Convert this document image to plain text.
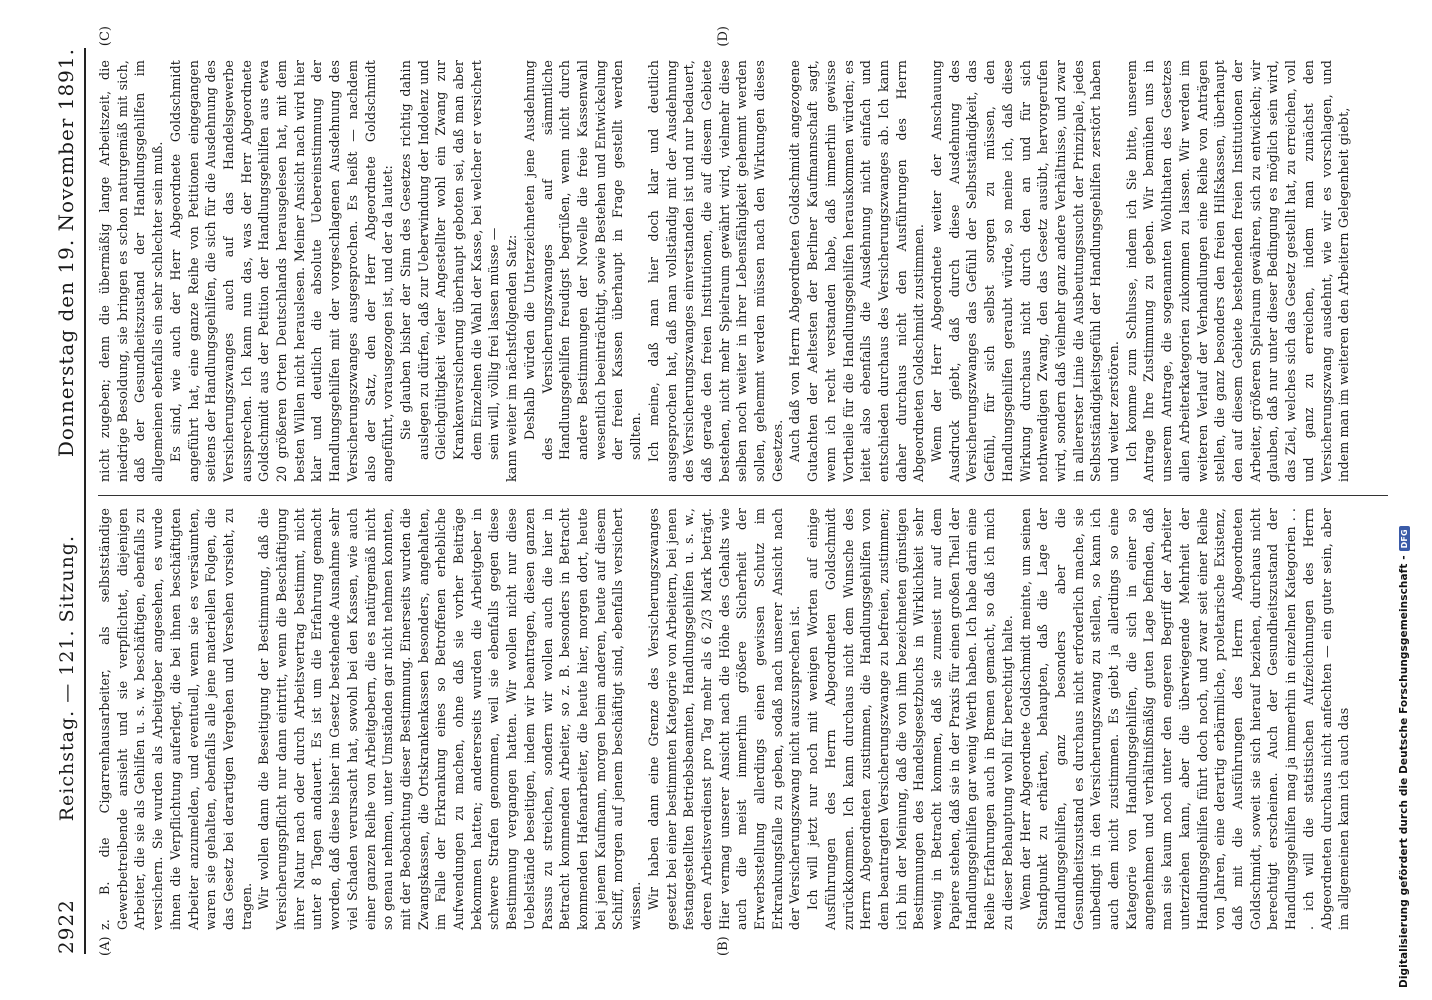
2922
Reichstag. — 121. Sitzung.
Donnerstag den 19. November 1891.
(A)	(B)

z. B. die Cigarrenhausarbeiter, als selbstständige Gewerbetreibende ansieht und sie verpflichtet, diejenigen Arbeiter, die sie als Gehilfen u. s. w. beschäftigen, ebenfalls zu versichern. Sie wurden als Arbeitgeber angesehen, es wurde ihnen die Verpflichtung auferlegt, die bei ihnen beschäftigten Arbeiter anzumelden, und eventuell, wenn sie es versäumten, waren sie gehalten, ebenfalls alle jene materiellen Folgen, die das Gesetz bei derartigen Vergehen und Versehen vorsieht, zu tragen. Wir wollen dann die Beseitigung der Bestimmung, daß die Versicherungspflicht nur dann eintritt, wenn die Beschäftigung ihrer Natur nach oder durch Arbeitsvertrag bestimmt, nicht unter 8 Tagen andauert. Es ist um die Erfahrung gemacht worden, daß diese bisher im Gesetz bestehende Ausnahme sehr viel Schaden verursacht hat, sowohl bei den Kassen, wie auch einer ganzen Reihe von Arbeitgebern, die es natürgemäß nicht so genau nehmen, unter Umständen gar nicht nehmen konnten, mit der Beobachtung dieser Bestimmung. Einerseits wurden die Zwangskassen, die Ortskrankenkassen besonders, angehalten, im Falle der Erkrankung eines so Betroffenen erhebliche Aufwendungen zu machen, ohne daß sie vorher Beiträge bekommen hatten; andererseits wurden die Arbeitgeber in schwere Strafen genommen, weil sie ebenfalls gegen diese Bestimmung vergangen hatten. Wir wollen nicht nur diese Uebelstände beseitigen, indem wir beantragen, diesen ganzen Passus zu streichen, sondern wir wollen auch die hier in Betracht kommenden Arbeiter, so z. B. besonders in Betracht kommenden Hafenarbeiter, die heute hier, morgen dort, heute bei jenem Kaufmann, morgen beim anderen, heute auf diesem Schiff, morgen auf jenem beschäftigt sind, ebenfalls versichert wissen. Wir haben dann eine Grenze des Versicherungszwanges gesetzt bei einer bestimmten Kategorie von Arbeitern, bei jenen festangestellten Betriebsbeamten, Handlungsgehilfen u. s. w., deren Arbeitsverdienst pro Tag mehr als 6 2/3 Mark beträgt. Hier vermag unserer Ansicht nach die Höhe des Gehalts wie auch die meist immerhin größere Sicherheit der Erwerbsstellung allerdings einen gewissen Schutz im Erkrankungsfalle zu geben, sodaß nach unserer Ansicht nach der Versicherungszwang nicht auszusprechen ist. Ich will jetzt nur noch mit wenigen Worten auf einige Ausführungen des Herrn Abgeordneten Goldschmidt zurückkommen. Ich kann durchaus nicht dem Wunsche des Herrn Abgeordneten zustimmen, die Handlungsgehilfen von dem beantragten Versicherungszwange zu befreien, zustimmen; ich bin der Meinung, daß die von ihm bezeichneten günstigen Bestimmungen des Handelsgesetzbuchs in Wirklichkeit sehr wenig in Betracht kommen, daß sie zumeist nur auf dem Papiere stehen, daß sie in der Praxis für einen großen Theil der Handlungsgehilfen gar wenig Werth haben. Ich habe darin eine Reihe Erfahrungen auch in Bremen gemacht, so daß ich mich zu dieser Behauptung wohl für berechtigt halte. Wenn der Herr Abgeordnete Goldschmidt meinte, um seinen Standpunkt zu erhärten, behaupten, daß die Lage der Handlungsgehilfen, ganz besonders aber die Gesundheitszustand es durchaus nicht erforderlich mache, sie unbedingt in den Versicherungszwang zu stellen, so kann ich auch dem nicht zustimmen. Es giebt ja allerdings so eine Kategorie von Handlungsgehilfen, die sich in einer so angenehmen und verhältnißmäßig guten Lage befinden, daß man sie kaum noch unter den engeren Begriff der Arbeiter unterziehen kann, aber die überwiegende Mehrheit der Handlungsgehilfen führt doch noch, und zwar seit einer Reihe von Jahren, eine derartig erbärmliche, proletarische Existenz, daß mit die Ausführungen des Herrn Abgeordneten Goldschmidt, soweit sie sich hierauf beziehen, durchaus nicht berechtigt erscheinen. Auch der Gesundheitszustand der Handlungsgehilfen mag ja immerhin in einzelnen Kategorien . . . ich will die statistischen Aufzeichnungen des Herrn Abgeordneten durchaus nicht anfechten — ein guter sein, aber im allgemeinen kann ich auch das

(C)	(D)

nicht zugeben; denn die übermäßig lange Arbeitszeit, die niedrige Besoldung, sie bringen es schon naturgemäß mit sich, daß der Gesundheitszustand der Handlungsgehilfen im allgemeinen ebenfalls ein sehr schlechter sein muß. Es sind, wie auch der Herr Abgeordnete Goldschmidt angeführt hat, eine ganze Reihe von Petitionen eingegangen seitens der Handlungsgehilfen, die sich für die Ausdehnung des Versicherungszwanges auch auf das Handelsgewerbe aussprechen. Ich kann nun das, was der Herr Abgeordnete Goldschmidt aus der Petition der Handlungsgehilfen aus etwa 20 größeren Orten Deutschlands herausgelesen hat, mit dem besten Willen nicht herauslesen. Meiner Ansicht nach wird hier klar und deutlich die absolute Uebereinstimmung der Handlungsgehilfen mit der vorgeschlagenen Ausdehnung des Versicherungszwanges ausgesprochen. Es heißt — nachdem also der Satz, den der Herr Abgeordnete Goldschmidt angeführt, vorausgezogen ist, und der da lautet: Sie glauben bisher der Sinn des Gesetzes richtig dahin auslegen zu dürfen, daß zur Ueberwindung der Indolenz und Gleichgültigkeit vieler Angestellter wohl ein Zwang zur Krankenversicherung überhaupt geboten sei, daß man aber dem Einzelnen die Wahl der Kasse, bei welcher er versichert sein will, völlig frei lassen müsse — kann weiter im nächstfolgenden Satz: Deshalb würden die Unterzeichneten jene Ausdehnung des Versicherungszwanges auf sämmtliche Handlungsgehilfen freudigst begrüßen, wenn nicht durch andere Bestimmungen der Novelle die freie Kassenwahl wesentlich beeinträchtigt, sowie Bestehen und Entwickelung der freien Kassen überhaupt in Frage gestellt werden sollten. Ich meine, daß man hier doch klar und deutlich ausgesprochen hat, daß man vollständig mit der Ausdehnung des Versicherungszwanges einverstanden ist und nur bedauert, daß gerade den freien Institutionen, die auf diesem Gebiete bestehen, nicht mehr Spielraum gewährt wird, vielmehr diese selben noch weiter in ihrer Lebensfähigkeit gehemmt werden sollen, gehemmt werden müssen nach den Wirkungen dieses Gesetzes. Auch daß von Herrn Abgeordneten Goldschmidt angezogene Gutachten der Aeltesten der Berliner Kaufmannschaft sagt, wenn ich recht verstanden habe, daß immerhin gewisse Vortheile für die Handlungsgehilfen herauskommen würden; es leitet also ebenfalls die Ausdehnung nicht einfach und entschieden durchaus des Versicherungszwanges ab. Ich kann daher durchaus nicht den Ausführungen des Herrn Abgeordneten Goldschmidt zustimmen. Wenn der Herr Abgeordnete weiter der Anschauung Ausdruck giebt, daß durch diese Ausdehnung des Versicherungszwanges das Gefühl der Selbstständigkeit, das Gefühl, für sich selbst sorgen zu müssen, den Handlungsgehilfen geraubt würde, so meine ich, daß diese Wirkung durchaus nicht durch den an und für sich nothwendigen Zwang, den das Gesetz ausübt, hervorgerufen wird, sondern daß vielmehr ganz andere Verhältnisse, und zwar in allererster Linie die Ausbeutungssucht der Prinzipale, jedes Selbstständigkeitsgefühl der Handlungsgehilfen zerstört haben und weiter zerstören. Ich komme zum Schlusse, indem ich Sie bitte, unserem Antrage Ihre Zustimmung zu geben. Wir bemühen uns in unserem Antrage, die sogenannten Wohlthaten des Gesetzes allen Arbeiterkategorien zukommen zu lassen. Wir werden im weiteren Verlauf der Verhandlungen eine Reihe von Anträgen stellen, die ganz besonders den freien Hilfskassen, überhaupt den auf diesem Gebiete bestehenden freien Institutionen der Arbeiter, größeren Spielraum gewähren, sich zu entwickeln; wir glauben, daß nur unter dieser Bedingung es möglich sein wird, das Ziel, welches sich das Gesetz gestellt hat, zu erreichen, voll und ganz zu erreichen, indem man zunächst den Versicherungszwang ausdehnt, wie wir es vorschlagen, und indem man im weiteren den Arbeitern Gelegenheit giebt,

Digitalisierung gefördert durch die Deutsche Forschungsgemeinschaft -DFG
